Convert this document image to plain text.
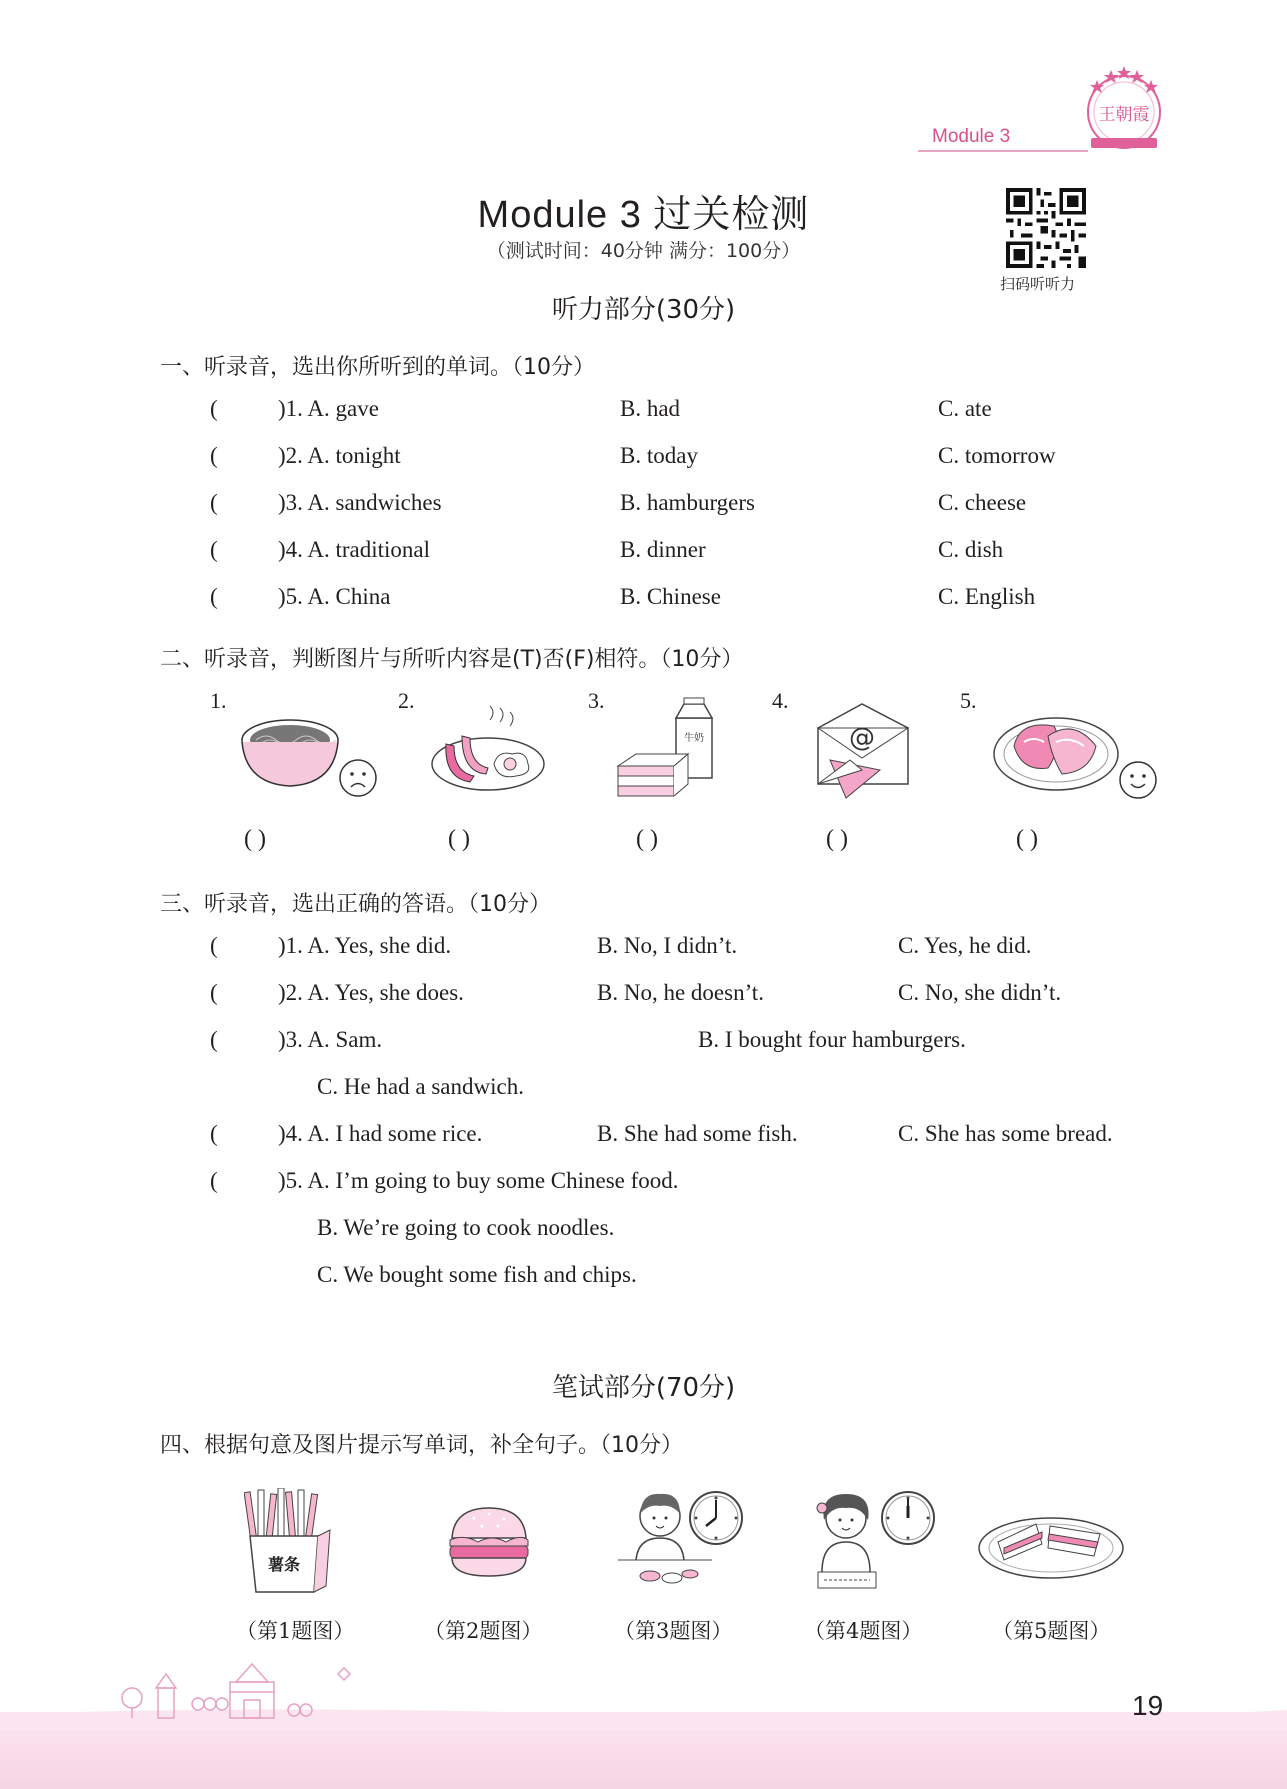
Module 3
王朝霞
Module 3 过关检测
（测试时间：40分钟 满分：100分）
扫码听听力
听力部分(30分)
一、听录音，选出你所听到的单词。（10分）
(	)1. A. gave	B. had	C. ate
(	)2. A. tonight	B. today	C. tomorrow
(	)3. A. sandwiches	B. hamburgers	C. cheese
(	)4. A. traditional	B. dinner	C. dish
(	)5. A. China	B. Chinese	C. English
二、听录音，判断图片与所听内容是(T)否(F)相符。（10分）
1.	2.	3.	4.	5.
牛奶	@
( )	( )	( )	( )	( )
三、听录音，选出正确的答语。（10分）
(	)1. A. Yes, she did.	B. No, I didn’t.	C. Yes, he did.
(	)2. A. Yes, she does.	B. No, he doesn’t.	C. No, she didn’t.
(	)3. A. Sam.	B. I bought four hamburgers.
C. He had a sandwich.
(	)4. A. I had some rice.	B. She had some fish.	C. She has some bread.
(	)5. A. I’m going to buy some Chinese food.
B. We’re going to cook noodles.
C. We bought some fish and chips.
笔试部分(70分)
四、根据句意及图片提示写单词，补全句子。（10分）
薯条
（第1题图）	（第2题图）	（第3题图）	（第4题图）	（第5题图）
19
